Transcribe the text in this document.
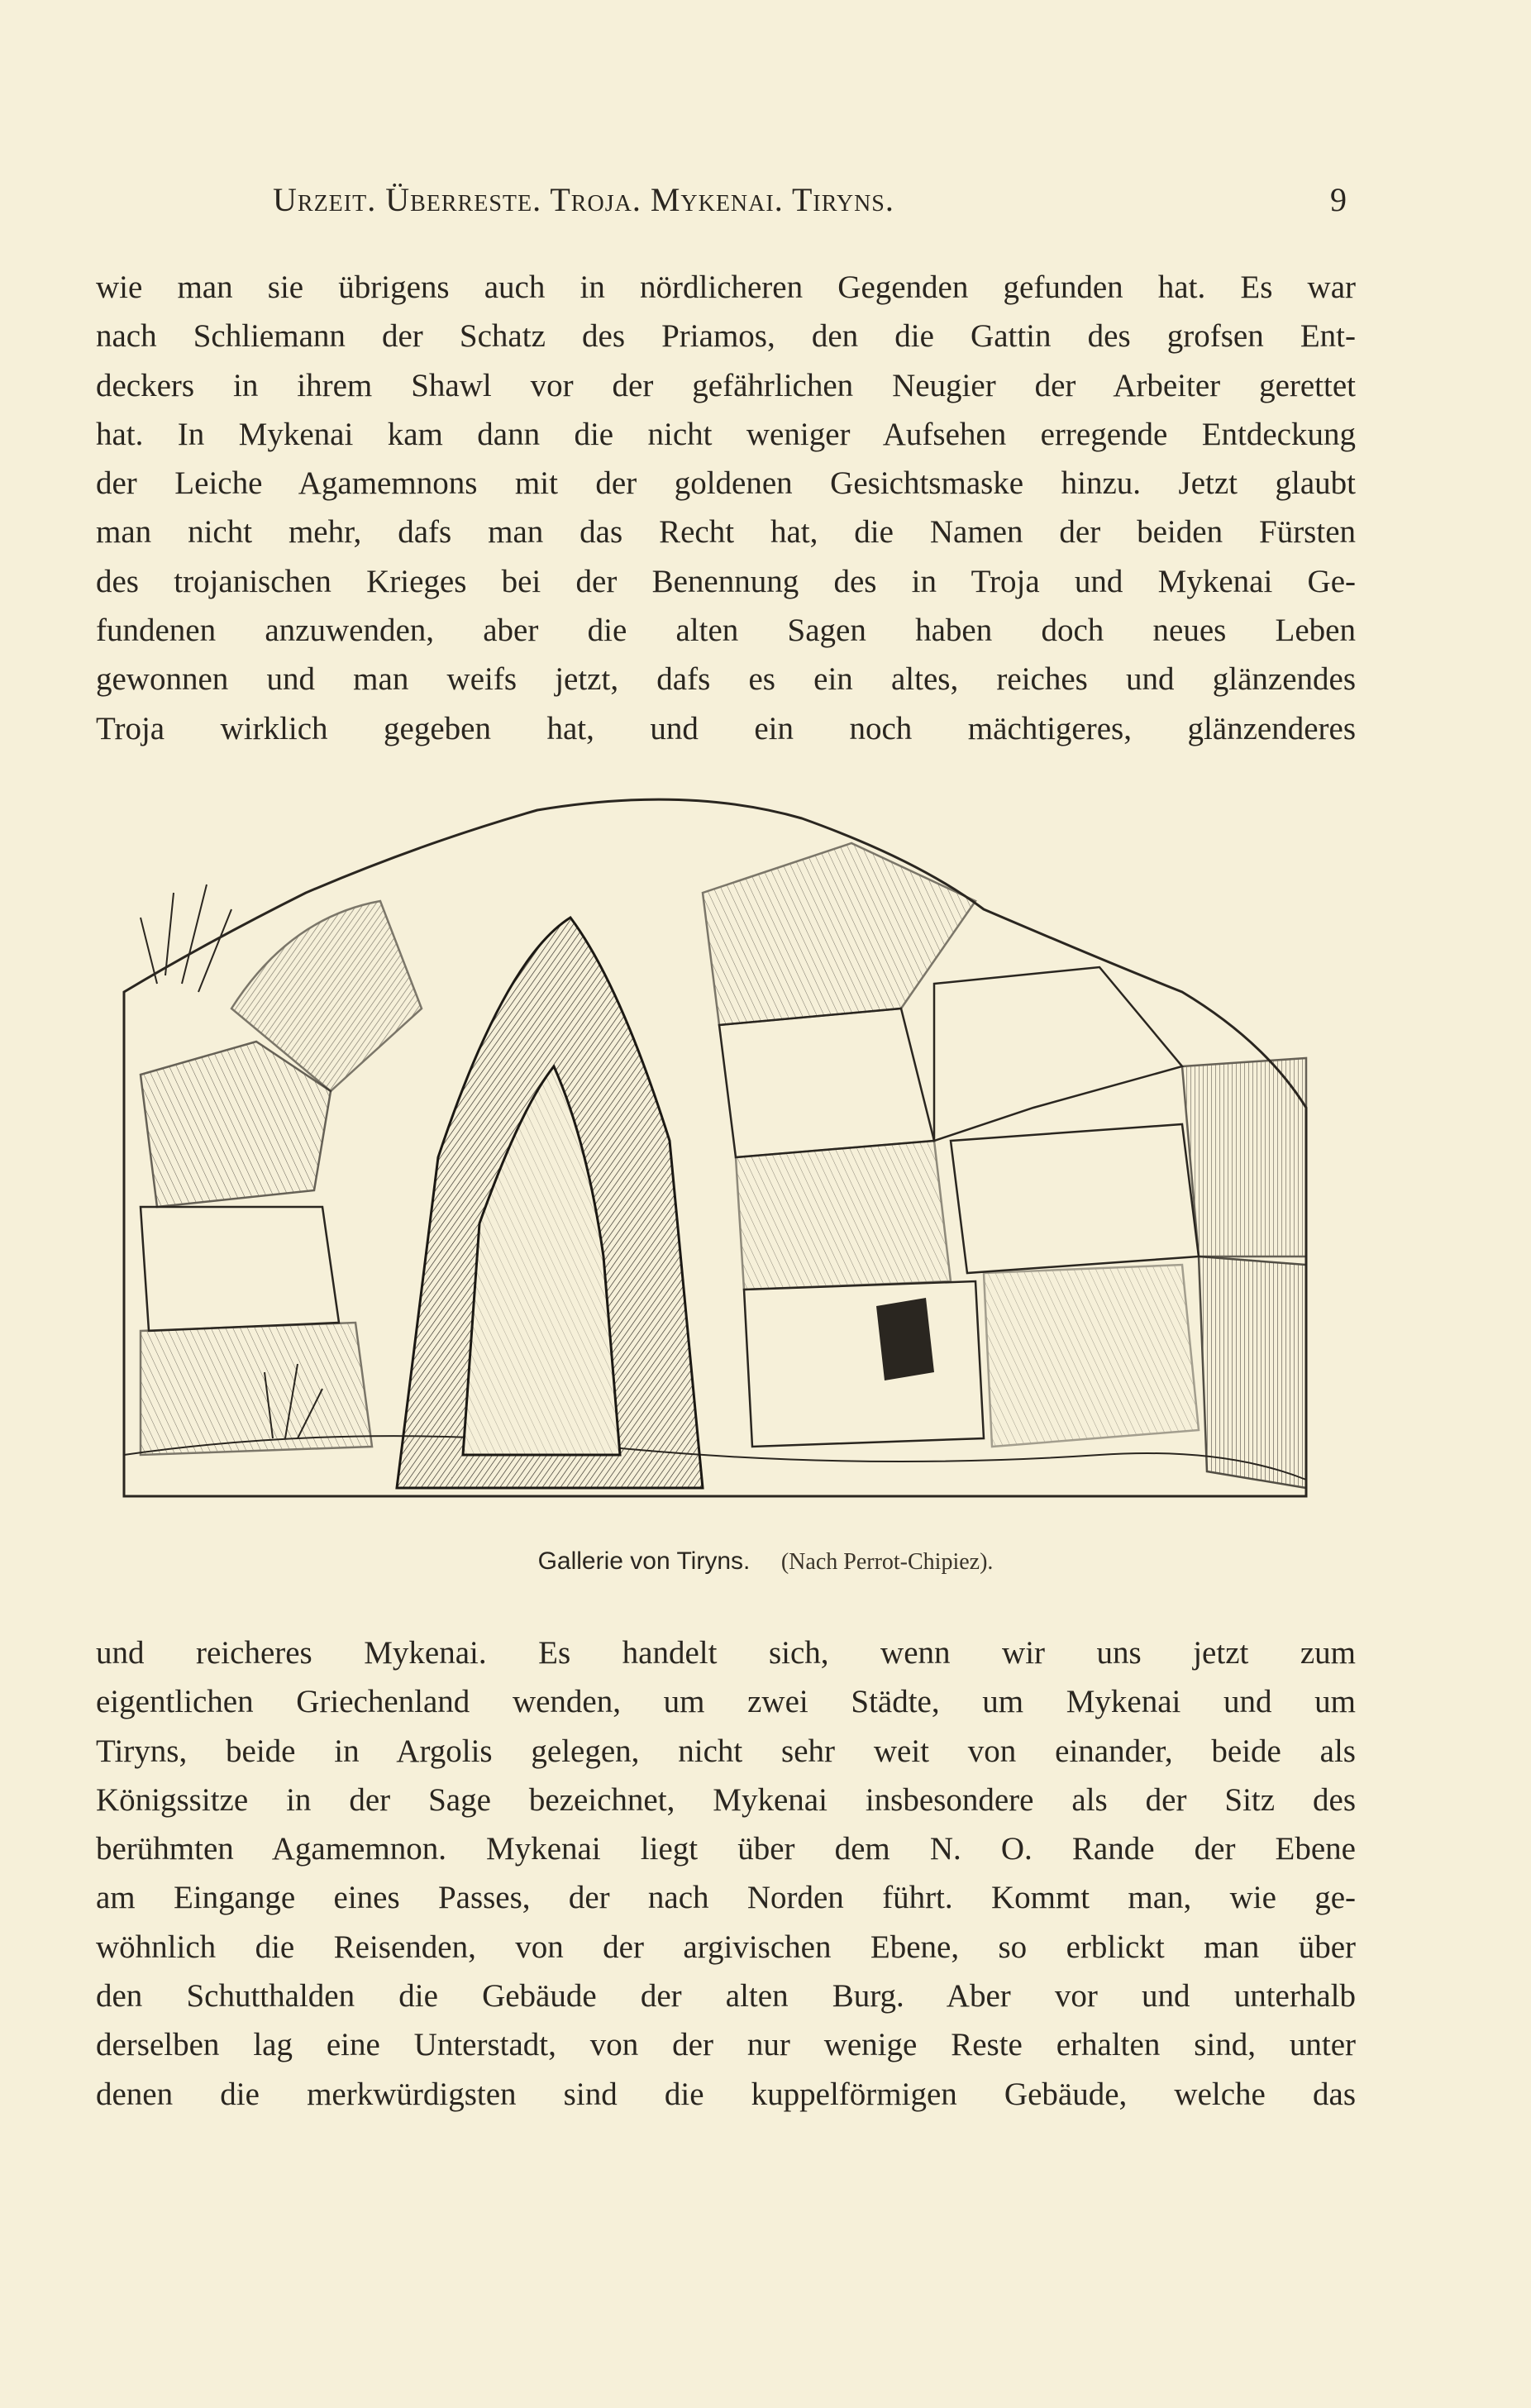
Urzeit. Überreste. Troja. Mykenai. Tiryns.	9
wie man sie übrigens auch in nördlicheren Gegenden gefunden hat. Es war
nach Schliemann der Schatz des Priamos, den die Gattin des grofsen Ent-
deckers in ihrem Shawl vor der gefährlichen Neugier der Arbeiter gerettet
hat. In Mykenai kam dann die nicht weniger Aufsehen erregende Entdeckung
der Leiche Agamemnons mit der goldenen Gesichtsmaske hinzu. Jetzt glaubt
man nicht mehr, dafs man das Recht hat, die Namen der beiden Fürsten
des trojanischen Krieges bei der Benennung des in Troja und Mykenai Ge-
fundenen anzuwenden, aber die alten Sagen haben doch neues Leben
gewonnen und man weifs jetzt, dafs es ein altes, reiches und glänzendes
Troja wirklich gegeben hat, und ein noch mächtigeres, glänzenderes
Gallerie von Tiryns. (Nach Perrot-Chipiez).
und reicheres Mykenai. Es handelt sich, wenn wir uns jetzt zum
eigentlichen Griechenland wenden, um zwei Städte, um Mykenai und um
Tiryns, beide in Argolis gelegen, nicht sehr weit von einander, beide als
Königssitze in der Sage bezeichnet, Mykenai insbesondere als der Sitz des
berühmten Agamemnon. Mykenai liegt über dem N. O. Rande der Ebene
am Eingange eines Passes, der nach Norden führt. Kommt man, wie ge-
wöhnlich die Reisenden, von der argivischen Ebene, so erblickt man über
den Schutthalden die Gebäude der alten Burg. Aber vor und unterhalb
derselben lag eine Unterstadt, von der nur wenige Reste erhalten sind, unter
denen die merkwürdigsten sind die kuppelförmigen Gebäude, welche das
